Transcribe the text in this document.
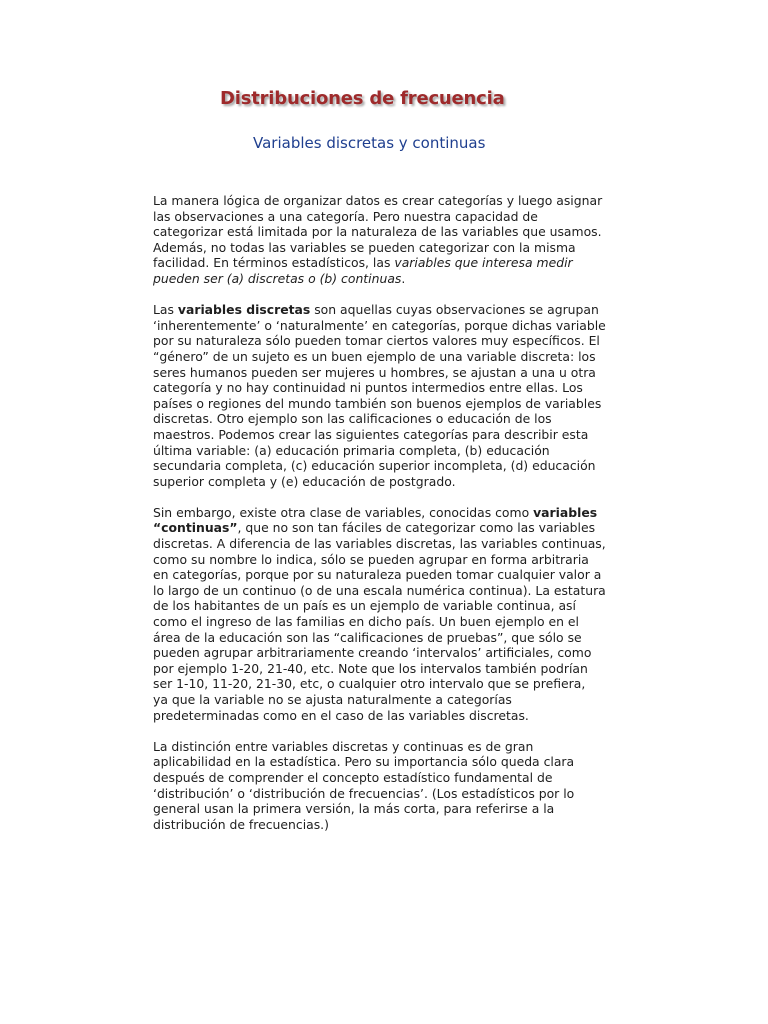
Distribuciones de frecuencia
Variables discretas y continuas

La manera lógica de organizar datos es crear categorías y luego asignar
las observaciones a una categoría. Pero nuestra capacidad de
categorizar está limitada por la naturaleza de las variables que usamos.
Además, no todas las variables se pueden categorizar con la misma
facilidad. En términos estadísticos, las variables que interesa medir
pueden ser (a) discretas o (b) continuas.

Las variables discretas son aquellas cuyas observaciones se agrupan
‘inherentemente’ o ‘naturalmente’ en categorías, porque dichas variable
por su naturaleza sólo pueden tomar ciertos valores muy específicos. El
“género” de un sujeto es un buen ejemplo de una variable discreta: los
seres humanos pueden ser mujeres u hombres, se ajustan a una u otra
categoría y no hay continuidad ni puntos intermedios entre ellas. Los
países o regiones del mundo también son buenos ejemplos de variables
discretas. Otro ejemplo son las calificaciones o educación de los
maestros. Podemos crear las siguientes categorías para describir esta
última variable: (a) educación primaria completa, (b) educación
secundaria completa, (c) educación superior incompleta, (d) educación
superior completa y (e) educación de postgrado.

Sin embargo, existe otra clase de variables, conocidas como variables
“continuas”, que no son tan fáciles de categorizar como las variables
discretas. A diferencia de las variables discretas, las variables continuas,
como su nombre lo indica, sólo se pueden agrupar en forma arbitraria
en categorías, porque por su naturaleza pueden tomar cualquier valor a
lo largo de un continuo (o de una escala numérica continua). La estatura
de los habitantes de un país es un ejemplo de variable continua, así
como el ingreso de las familias en dicho país. Un buen ejemplo en el
área de la educación son las “calificaciones de pruebas”, que sólo se
pueden agrupar arbitrariamente creando ‘intervalos’ artificiales, como
por ejemplo 1-20, 21-40, etc. Note que los intervalos también podrían
ser 1-10, 11-20, 21-30, etc, o cualquier otro intervalo que se prefiera,
ya que la variable no se ajusta naturalmente a categorías
predeterminadas como en el caso de las variables discretas.

La distinción entre variables discretas y continuas es de gran
aplicabilidad en la estadística. Pero su importancia sólo queda clara
después de comprender el concepto estadístico fundamental de
‘distribución’ o ‘distribución de frecuencias’. (Los estadísticos por lo
general usan la primera versión, la más corta, para referirse a la
distribución de frecuencias.)
